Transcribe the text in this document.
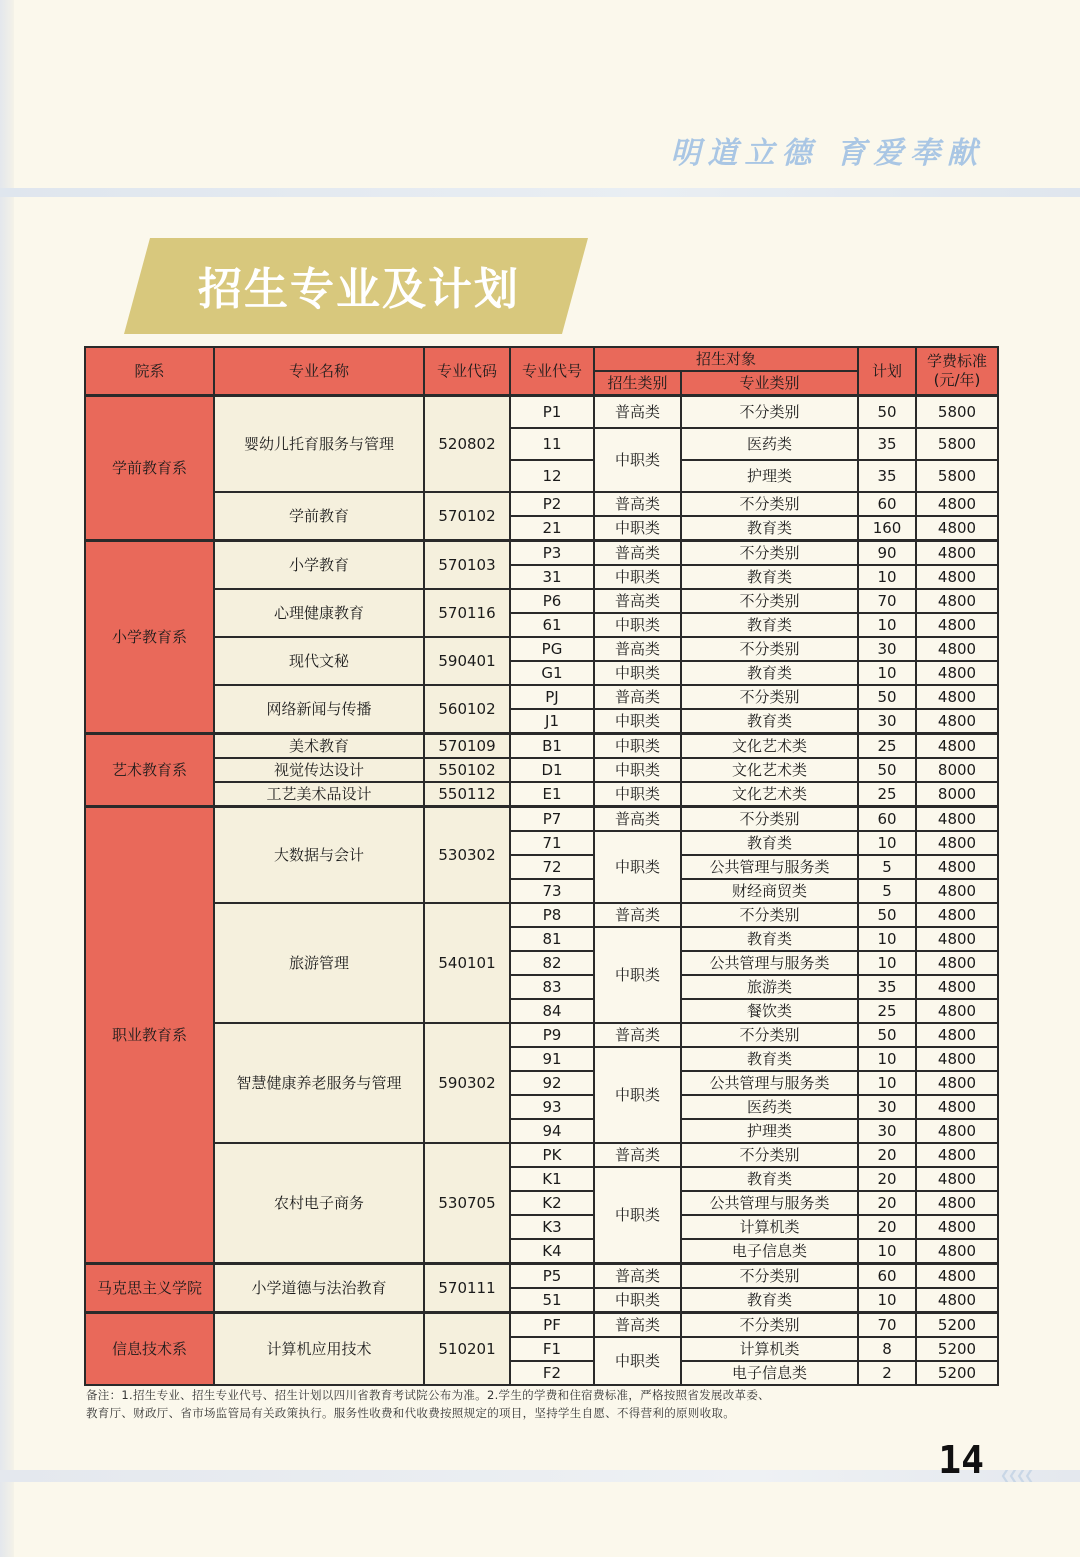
明道立德 育爱奉献
招生专业及计划
院系	专业名称	专业代码	专业代号	招生对象		计划	学费标准
(元/年)

				招生类别	专业类别		
学前教育系	婴幼儿托育服务与管理	520802	P1	普高类	不分类别	50	5800
			11	中职类	医药类	35	5800
			12		护理类	35	5800
	学前教育	570102	P2	普高类	不分类别	60	4800
			21	中职类	教育类	160	4800
小学教育系	小学教育	570103	P3	普高类	不分类别	90	4800
			31	中职类	教育类	10	4800
	心理健康教育	570116	P6	普高类	不分类别	70	4800
			61	中职类	教育类	10	4800
	现代文秘	590401	PG	普高类	不分类别	30	4800
			G1	中职类	教育类	10	4800
	网络新闻与传播	560102	PJ	普高类	不分类别	50	4800
			J1	中职类	教育类	30	4800
艺术教育系	美术教育	570109	B1	中职类	文化艺术类	25	4800
	视觉传达设计	550102	D1	中职类	文化艺术类	50	8000
	工艺美术品设计	550112	E1	中职类	文化艺术类	25	8000
职业教育系	大数据与会计	530302	P7	普高类	不分类别	60	4800
			71	中职类	教育类	10	4800
			72		公共管理与服务类	5	4800
			73		财经商贸类	5	4800
	旅游管理	540101	P8	普高类	不分类别	50	4800
			81	中职类	教育类	10	4800
			82		公共管理与服务类	10	4800
			83		旅游类	35	4800
			84		餐饮类	25	4800
	智慧健康养老服务与管理	590302	P9	普高类	不分类别	50	4800
			91	中职类	教育类	10	4800
			92		公共管理与服务类	10	4800
			93		医药类	30	4800
			94		护理类	30	4800
	农村电子商务	530705	PK	普高类	不分类别	20	4800
			K1	中职类	教育类	20	4800
			K2		公共管理与服务类	20	4800
			K3		计算机类	20	4800
			K4		电子信息类	10	4800
马克思主义学院	小学道德与法治教育	570111	P5	普高类	不分类别	60	4800
			51	中职类	教育类	10	4800
信息技术系	计算机应用技术	510201	PF	普高类	不分类别	70	5200
			F1	中职类	计算机类	8	5200
			F2		电子信息类	2	5200
备注：1.招生专业、招生专业代号、招生计划以四川省教育考试院公布为准。2.学生的学费和住宿费标准，严格按照省发展改革委、
教育厅、财政厅、省市场监管局有关政策执行。服务性收费和代收费按照规定的项目，坚持学生自愿、不得营利的原则收取。
❮❮❮❮
14
